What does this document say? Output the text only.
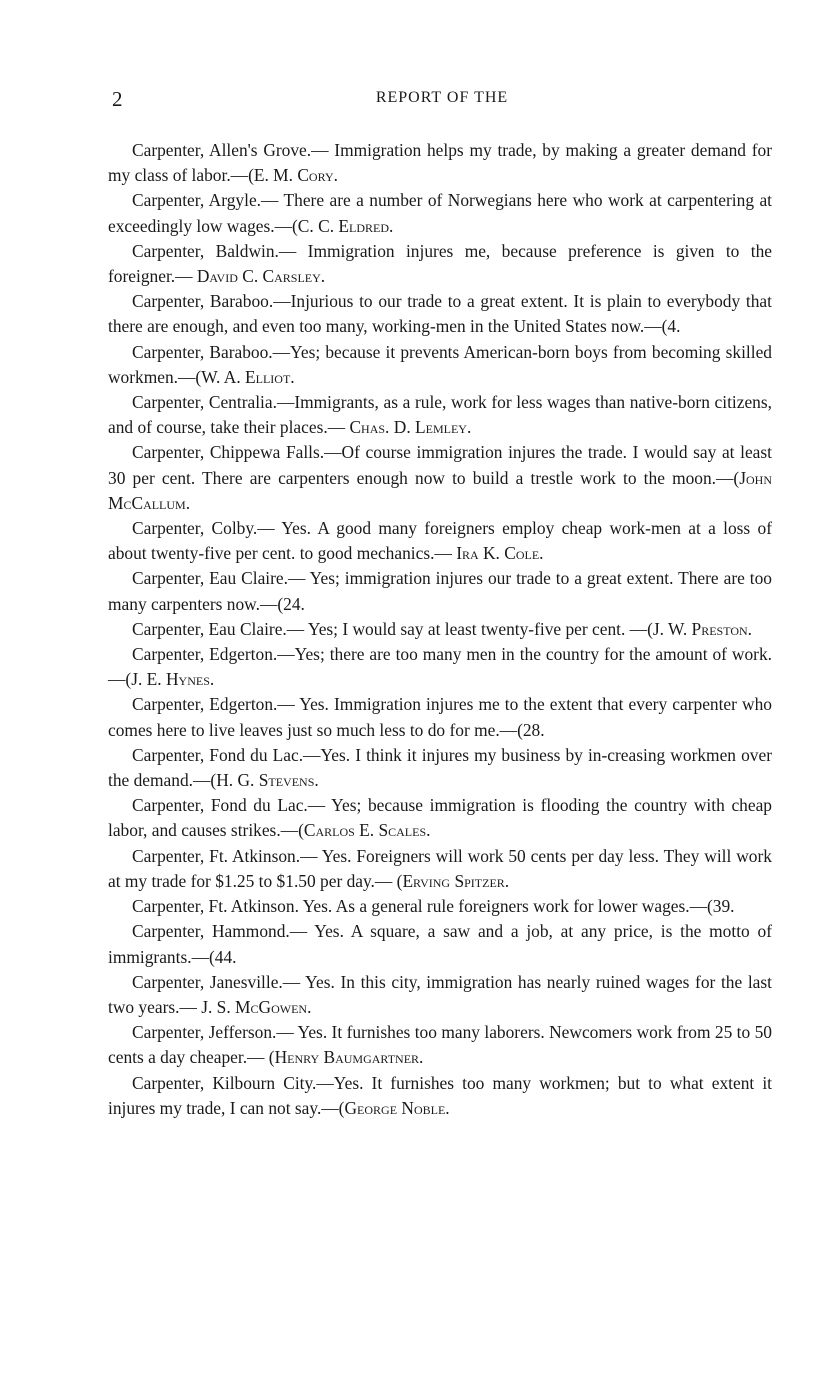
2	REPORT OF THE

Carpenter, Allen's Grove.— Immigration helps my trade, by making a greater demand for my class of labor.—(E. M. Cory.

Carpenter, Argyle.— There are a number of Norwegians here who work at carpentering at exceedingly low wages.—(C. C. Eldred.

Carpenter, Baldwin.— Immigration injures me, because preference is given to the foreigner.— David C. Carsley.

Carpenter, Baraboo.—Injurious to our trade to a great extent. It is plain to everybody that there are enough, and even too many, working-men in the United States now.—(4.

Carpenter, Baraboo.—Yes; because it prevents American-born boys from becoming skilled workmen.—(W. A. Elliot.

Carpenter, Centralia.—Immigrants, as a rule, work for less wages than native-born citizens, and of course, take their places.— Chas. D. Lemley.

Carpenter, Chippewa Falls.—Of course immigration injures the trade. I would say at least 30 per cent. There are carpenters enough now to build a trestle work to the moon.—(John McCallum.

Carpenter, Colby.— Yes. A good many foreigners employ cheap work-men at a loss of about twenty-five per cent. to good mechanics.— Ira K. Cole.

Carpenter, Eau Claire.— Yes; immigration injures our trade to a great extent. There are too many carpenters now.—(24.

Carpenter, Eau Claire.— Yes; I would say at least twenty-five per cent. —(J. W. Preston.

Carpenter, Edgerton.—Yes; there are too many men in the country for the amount of work.—(J. E. Hynes.

Carpenter, Edgerton.— Yes. Immigration injures me to the extent that every carpenter who comes here to live leaves just so much less to do for me.—(28.

Carpenter, Fond du Lac.—Yes. I think it injures my business by in-creasing workmen over the demand.—(H. G. Stevens.

Carpenter, Fond du Lac.— Yes; because immigration is flooding the country with cheap labor, and causes strikes.—(Carlos E. Scales.

Carpenter, Ft. Atkinson.— Yes. Foreigners will work 50 cents per day less. They will work at my trade for $1.25 to $1.50 per day.— (Erving Spitzer.

Carpenter, Ft. Atkinson. Yes. As a general rule foreigners work for lower wages.—(39.

Carpenter, Hammond.— Yes. A square, a saw and a job, at any price, is the motto of immigrants.—(44.

Carpenter, Janesville.— Yes. In this city, immigration has nearly ruined wages for the last two years.— J. S. McGowen.

Carpenter, Jefferson.— Yes. It furnishes too many laborers. Newcomers work from 25 to 50 cents a day cheaper.— (Henry Baumgartner.

Carpenter, Kilbourn City.—Yes. It furnishes too many workmen; but to what extent it injures my trade, I can not say.—(George Noble.
